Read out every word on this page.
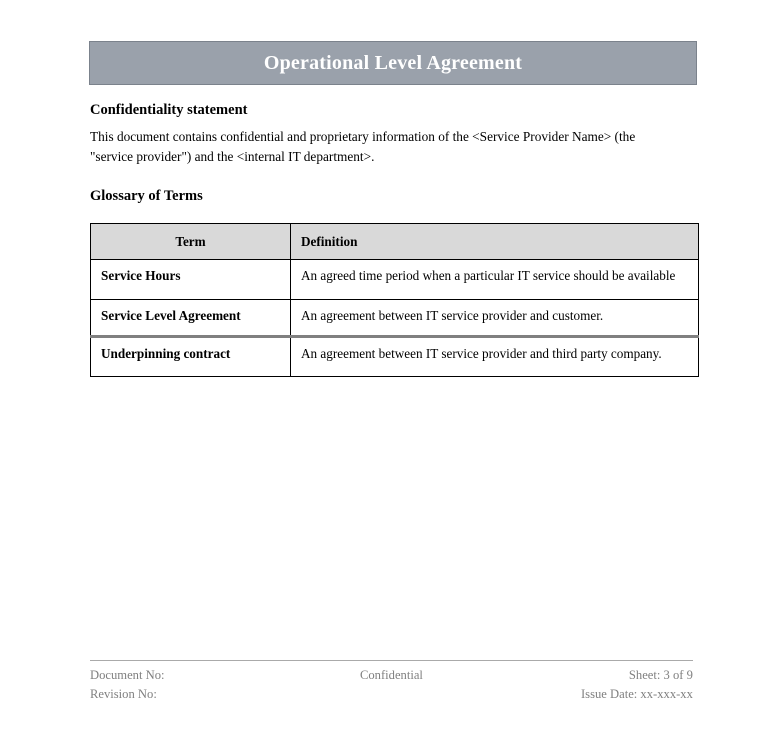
Operational Level Agreement
Confidentiality statement

This document contains confidential and proprietary information of the <Service Provider Name> (the "service provider") and the <internal IT department>.

Glossary of Terms
Term	Definition
Service Hours	An agreed time period when a particular IT service should be available
Service Level Agreement	An agreement between IT service provider and customer.
Underpinning contract	An agreement between IT service provider and third party company.
Document No:	Confidential	Sheet: 3 of 9
Revision No:	Issue Date: xx-xxx-xx
